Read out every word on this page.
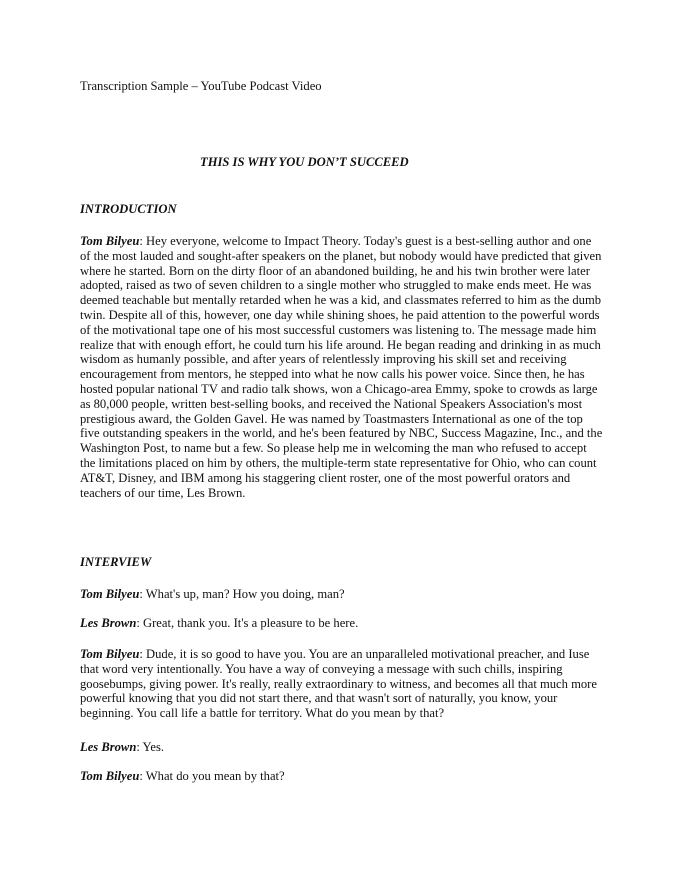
Transcription Sample – YouTube Podcast Video
THIS IS WHY YOU DON’T SUCCEED
INTRODUCTION

Tom Bilyeu: Hey everyone, welcome to Impact Theory. Today's guest is a best-selling author and one of the most lauded and sought-after speakers on the planet, but nobody would have predicted that given where he started. Born on the dirty floor of an abandoned building, he and his twin brother were later adopted, raised as two of seven children to a single mother who struggled to make ends meet. He was deemed teachable but mentally retarded when he was a kid, and classmates referred to him as the dumb twin. Despite all of this, however, one day while shining shoes, he paid attention to the powerful words of the motivational tape one of his most successful customers was listening to. The message made him realize that with enough effort, he could turn his life around. He began reading and drinking in as much wisdom as humanly possible, and after years of relentlessly improving his skill set and receiving encouragement from mentors, he stepped into what he now calls his power voice. Since then, he has hosted popular national TV and radio talk shows, won a Chicago-area Emmy, spoke to crowds as large as 80,000 people, written best-selling books, and received the National Speakers Association's most prestigious award, the Golden Gavel. He was named by Toastmasters International as one of the top five outstanding speakers in the world, and he's been featured by NBC, Success Magazine, Inc., and the Washington Post, to name but a few. So please help me in welcoming the man who refused to accept the limitations placed on him by others, the multiple-term state representative for Ohio, who can count AT&T, Disney, and IBM among his staggering client roster, one of the most powerful orators and teachers of our time, Les Brown.

INTERVIEW

Tom Bilyeu: What's up, man? How you doing, man?

Les Brown: Great, thank you. It's a pleasure to be here.

Tom Bilyeu: Dude, it is so good to have you. You are an unparalleled motivational preacher, and Iuse that word very intentionally. You have a way of conveying a message with such chills, inspiring goosebumps, giving power. It's really, really extraordinary to witness, and becomes all that much more powerful knowing that you did not start there, and that wasn't sort of naturally, you know, your beginning. You call life a battle for territory. What do you mean by that?

Les Brown: Yes.

Tom Bilyeu: What do you mean by that?
